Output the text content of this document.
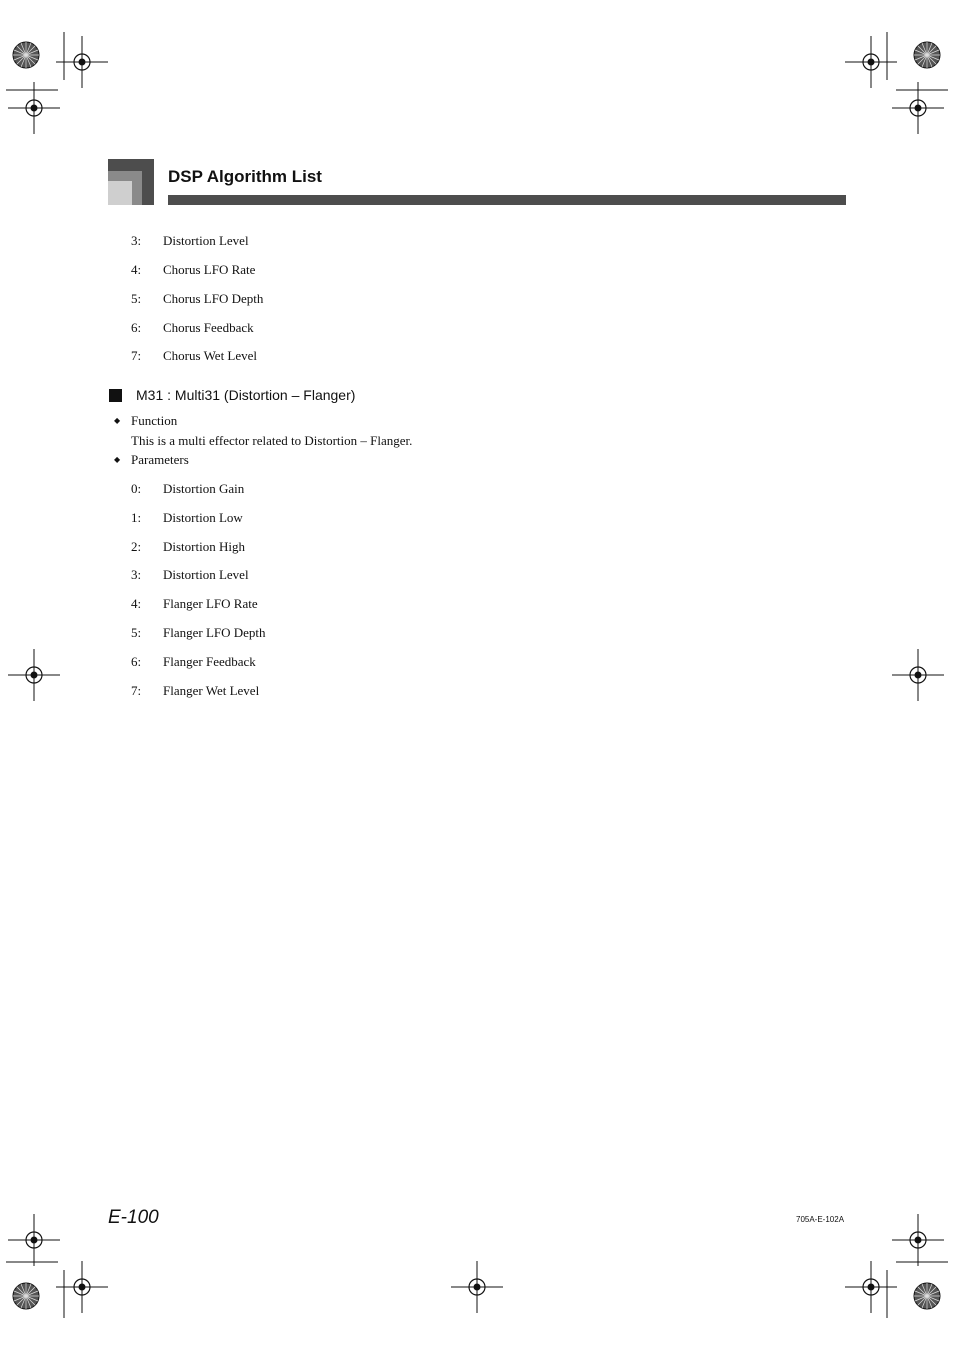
DSP Algorithm List
3: Distortion Level
4: Chorus LFO Rate
5: Chorus LFO Depth
6: Chorus Feedback
7: Chorus Wet Level
M31 : Multi31 (Distortion – Flanger)
◆ Function
This is a multi effector related to Distortion – Flanger.
◆ Parameters
0: Distortion Gain
1: Distortion Low
2: Distortion High
3: Distortion Level
4: Flanger LFO Rate
5: Flanger LFO Depth
6: Flanger Feedback
7: Flanger Wet Level
E-100	705A-E-102A
